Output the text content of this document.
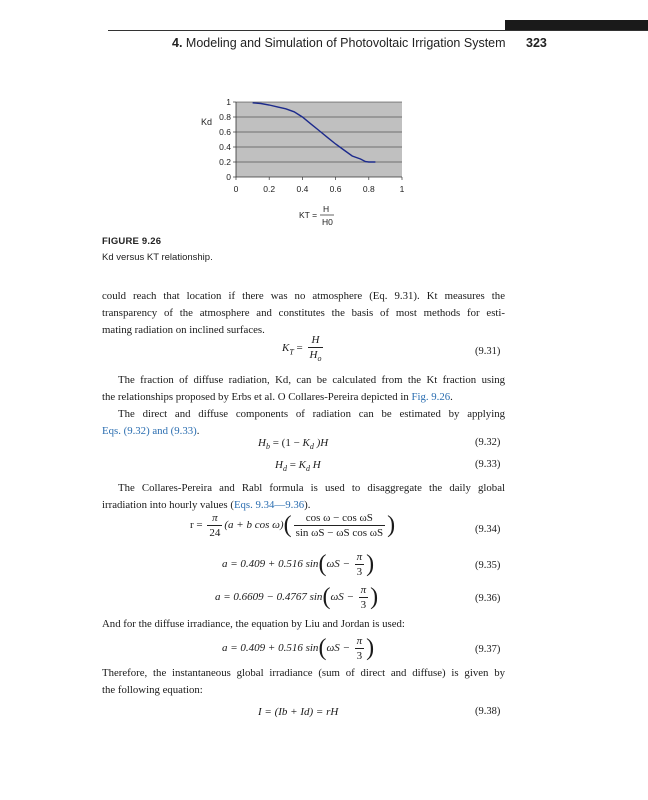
4. Modeling and Simulation of Photovoltaic Irrigation System 323
0
0.2
0.4
0.6
0.8
1
0	0.2	0.4	0.6	0.8	1
Kd
KT =
H
H0
FIGURE 9.26
Kd versus KT relationship.
could reach that location if there was no atmosphere (Eq. 9.31). Kt measures the
transparency of the atmosphere and constitutes the basis of most methods for esti-
mating radiation on inclined surfaces.
$K_T = \frac{H}{H_o}$	(9.31)
The fraction of diffuse radiation, Kd, can be calculated from the Kt fraction using
the relationships proposed by Erbs et al. O Collares-Pereira depicted in Fig. 9.26.
The direct and diffuse components of radiation can be estimated by applying
Eqs. (9.32) and (9.33).
$H_b = (1 - K_d$ )H	(9.32)
$H_d = K_d$ H	(9.33)
The Collares-Pereira and Rabl formula is used to disaggregate the daily global
irradiation into hourly values (Eqs. 9.34—9.36).
$r = \frac{\pi}{24} (a + b$ $\cos \omega)( \frac{\text{cos ω − cos ωS}}{\text{sin ωS − ωS cos ωS}}$ )	(9.34)
a = 0.409 + 0.516 $\sin(\omega S - \frac{\pi}{3}$ )	(9.35)
a = 0.6609 − 0.4767 $\sin(\omega S - \frac{\pi}{3}$ )	(9.36)
And for the diffuse irradiance, the equation by Liu and Jordan is used:
a = 0.409 + 0.516 $\sin(\omega S - \frac{\pi}{3}$ )	(9.37)
Therefore, the instantaneous global irradiance (sum of direct and diffuse) is given by
the following equation:
I = (Ib + Id) = rH	(9.38)
